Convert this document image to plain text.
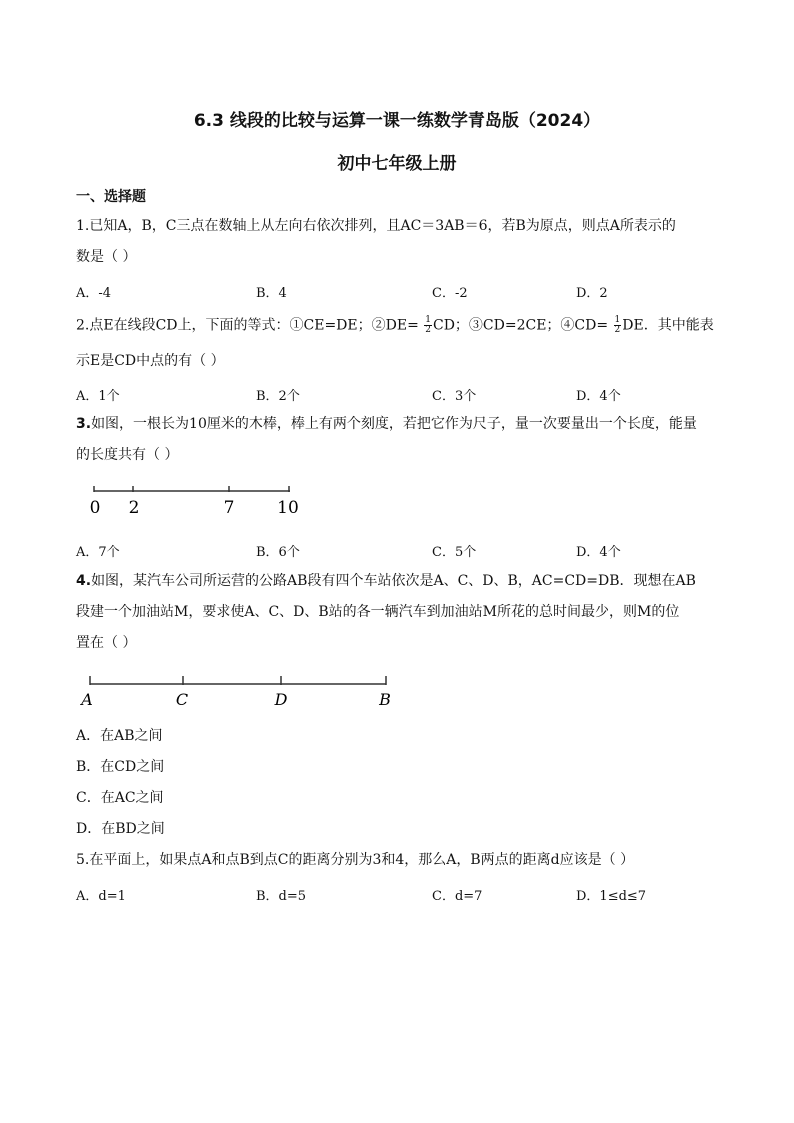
6.3 线段的比较与运算一课一练数学青岛版（2024）
初中七年级上册
一、选择题
1.已知A，B，C三点在数轴上从左向右依次排列，且AC＝3AB＝6，若B为原点，则点A所表示的
数是（ ）
A．-4	B．4	C．-2	D．2
2.点E在线段CD上，下面的等式：①CE=DE；②DE= $\frac{1}{2}$ CD；③CD=2CE；④CD= $\frac{1}{2}$ DE．其中能表
示E是CD中点的有（ ）
A．1个	B．2个	C．3个	D．4个
3.如图，一根长为10厘米的木棒，棒上有两个刻度，若把它作为尺子，量一次要量出一个长度，能量
的长度共有（ ）
0 2	7	10
A．7个	B．6个	C．5个	D．4个
4.如图，某汽车公司所运营的公路AB段有四个车站依次是A、C、D、B，AC=CD=DB．现想在AB
段建一个加油站M，要求使A、C、D、B站的各一辆汽车到加油站M所花的总时间最少，则M的位
置在（ ）
A	C	D	B
A．在AB之间
B．在CD之间
C．在AC之间
D．在BD之间
5.在平面上，如果点A和点B到点C的距离分别为3和4，那么A，B两点的距离d应该是（ ）
A．d=1	B．d=5	C．d=7	D．1≤d≤7
